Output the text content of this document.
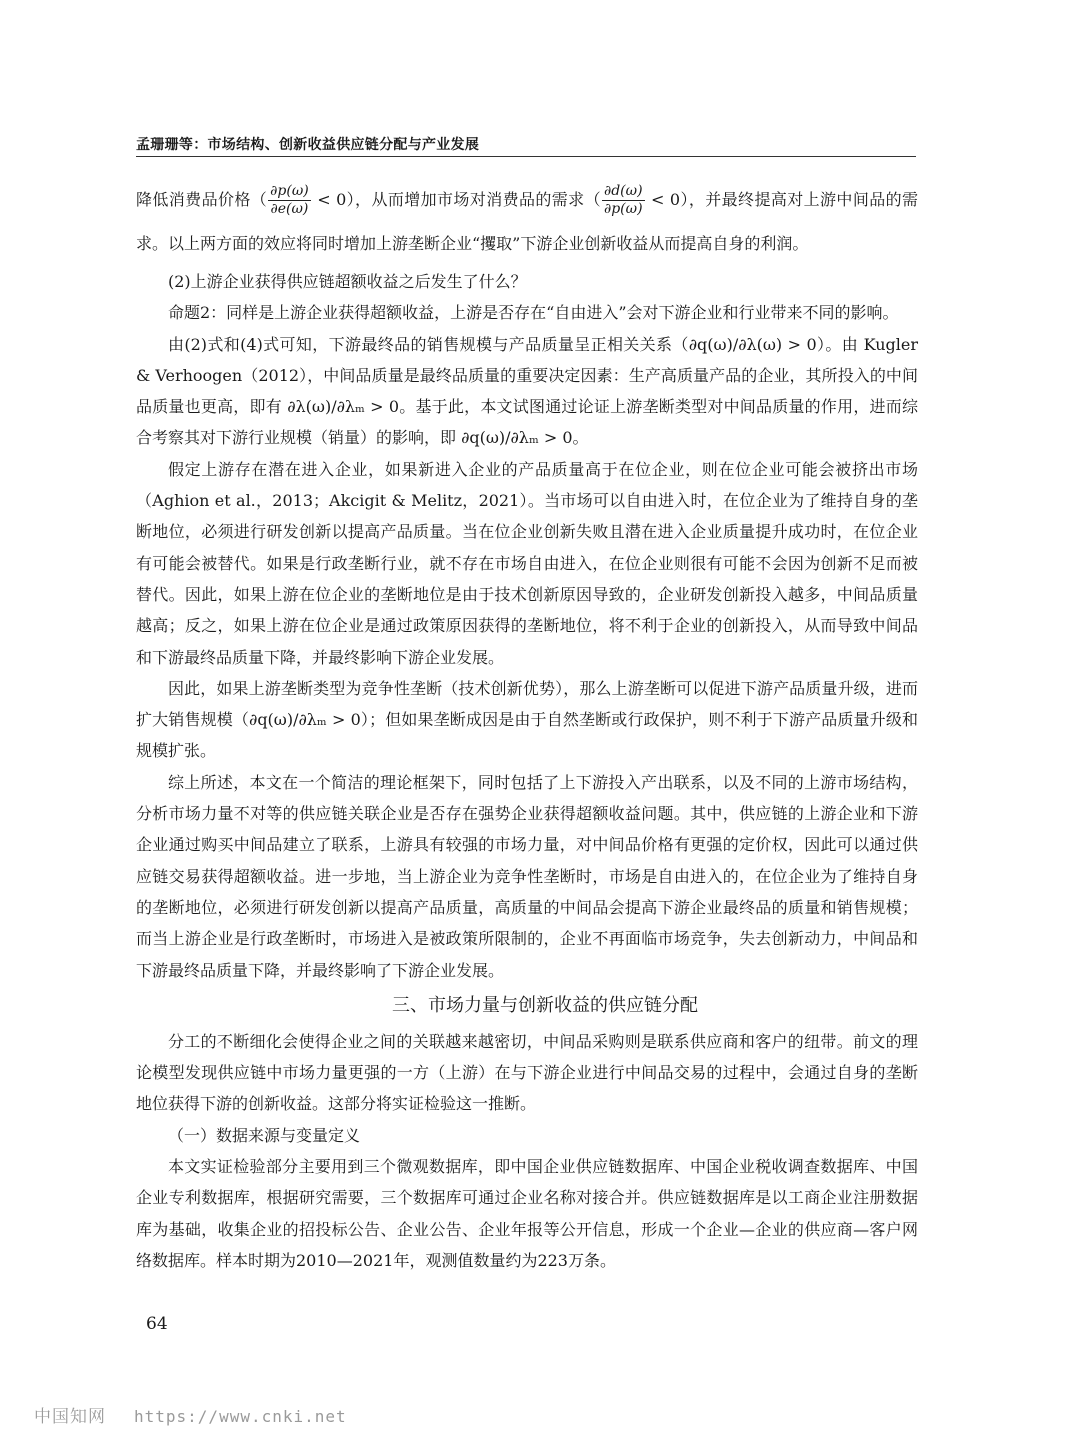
孟珊珊等：市场结构、创新收益供应链分配与产业发展

降低消费品价格（ $\frac{\partial p(\omega)}{\partial e(\omega)} < 0$），从而增加市场对消费品的需求（ $\frac{\partial d(\omega)}{\partial p(\omega)} < 0$），并最终提高对上游中间品的需求。以上两方面的效应将同时增加上游垄断企业“攫取”下游企业创新收益从而提高自身的利润。

(2)上游企业获得供应链超额收益之后发生了什么？

命题2：同样是上游企业获得超额收益，上游是否存在“自由进入”会对下游企业和行业带来不同的影响。

由(2)式和(4)式可知，下游最终品的销售规模与产品质量呈正相关关系（∂q(ω)/∂λ(ω) > 0）。由 Kugler & Verhoogen（2012），中间品质量是最终品质量的重要决定因素：生产高质量产品的企业，其所投入的中间品质量也更高，即有 ∂λ(ω)/∂λₘ > 0。基于此，本文试图通过论证上游垄断类型对中间品质量的作用，进而综合考察其对下游行业规模（销量）的影响，即 ∂q(ω)/∂λₘ > 0。

假定上游存在潜在进入企业，如果新进入企业的产品质量高于在位企业，则在位企业可能会被挤出市场（Aghion et al.，2013；Akcigit & Melitz，2021）。当市场可以自由进入时，在位企业为了维持自身的垄断地位，必须进行研发创新以提高产品质量。当在位企业创新失败且潜在进入企业质量提升成功时，在位企业有可能会被替代。如果是行政垄断行业，就不存在市场自由进入，在位企业则很有可能不会因为创新不足而被替代。因此，如果上游在位企业的垄断地位是由于技术创新原因导致的，企业研发创新投入越多，中间品质量越高；反之，如果上游在位企业是通过政策原因获得的垄断地位，将不利于企业的创新投入，从而导致中间品和下游最终品质量下降，并最终影响下游企业发展。

因此，如果上游垄断类型为竞争性垄断（技术创新优势），那么上游垄断可以促进下游产品质量升级，进而扩大销售规模（∂q(ω)/∂λₘ > 0）；但如果垄断成因是由于自然垄断或行政保护，则不利于下游产品质量升级和规模扩张。

综上所述，本文在一个简洁的理论框架下，同时包括了上下游投入产出联系，以及不同的上游市场结构，分析市场力量不对等的供应链关联企业是否存在强势企业获得超额收益问题。其中，供应链的上游企业和下游企业通过购买中间品建立了联系，上游具有较强的市场力量，对中间品价格有更强的定价权，因此可以通过供应链交易获得超额收益。进一步地，当上游企业为竞争性垄断时，市场是自由进入的，在位企业为了维持自身的垄断地位，必须进行研发创新以提高产品质量，高质量的中间品会提高下游企业最终品的质量和销售规模；而当上游企业是行政垄断时，市场进入是被政策所限制的，企业不再面临市场竞争，失去创新动力，中间品和下游最终品质量下降，并最终影响了下游企业发展。

三、市场力量与创新收益的供应链分配

分工的不断细化会使得企业之间的关联越来越密切，中间品采购则是联系供应商和客户的纽带。前文的理论模型发现供应链中市场力量更强的一方（上游）在与下游企业进行中间品交易的过程中，会通过自身的垄断地位获得下游的创新收益。这部分将实证检验这一推断。

（一）数据来源与变量定义

本文实证检验部分主要用到三个微观数据库，即中国企业供应链数据库、中国企业税收调查数据库、中国企业专利数据库，根据研究需要，三个数据库可通过企业名称对接合并。供应链数据库是以工商企业注册数据库为基础，收集企业的招投标公告、企业公告、企业年报等公开信息，形成一个企业—企业的供应商—客户网络数据库。样本时期为2010—2021年，观测值数量约为223万条。

64
中国知网 https://www.cnki.net
